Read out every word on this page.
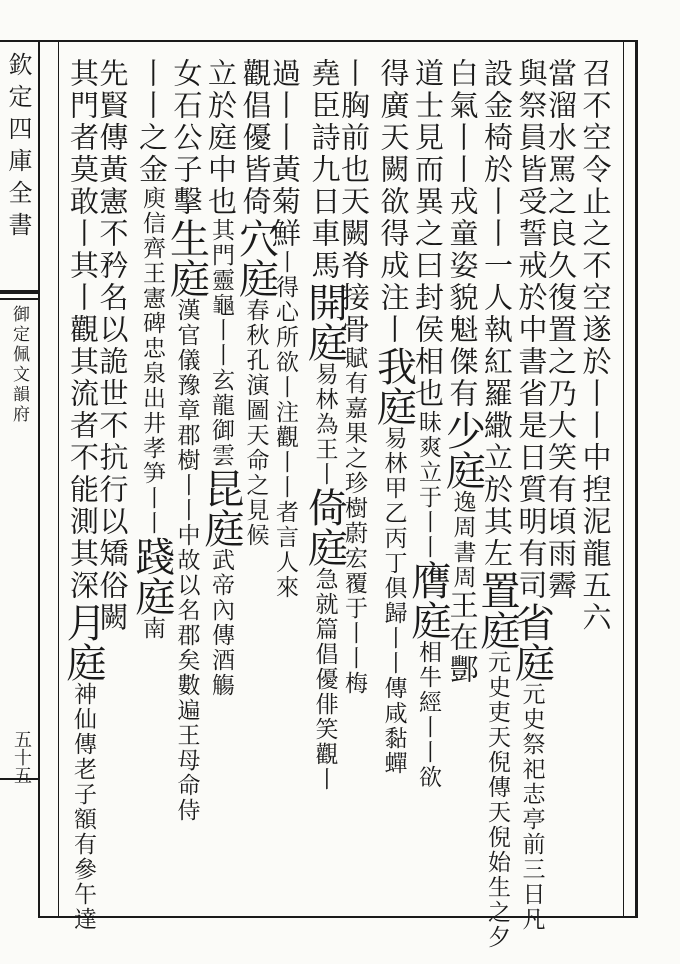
欽定四庫全書
御定佩文韻府
五十五
召不空令止之不空遂於丨丨中揑泥龍五六
當溜水罵之良久復置之乃大笑有頃雨霽
與祭員皆受誓戒於中書省是日質明有司省庭元史祭祀志亭前三日凡
設金椅於丨丨一人執紅羅繖立於其左置庭元史吏天倪傳天倪始生之夕
白氣丨丨戎童姿貌魁傑有少庭逸周書周王在酆
道士見而異之曰封侯相也昧爽立于丨丨膺庭相牛經丨丨欲
得廣天闕欲得成注丨我庭易林甲乙丙丁俱歸丨丨傳咸黏蟬
丨胸前也天闕脊接骨賦有嘉果之珍樹蔚宏覆于丨丨梅
堯臣詩九日車馬開庭易林為王丨倚庭急就篇倡優俳笑觀丨
過丨丨黃菊鮮丨得心所欲丨注觀丨丨者言人來
觀倡優皆倚穴庭春秋孔演圖天命之見候
立於庭中也其門靈龜丨丨玄龍御雲昆庭武帝內傳酒觴
女石公子擊生庭漢官儀豫章郡樹丨丨中故以名郡矣數遍王母命侍
丨丨之金庾信齊王憲碑忠泉出井孝笋丨丨踐庭南
先賢傳黃憲不矜名以詭世不抗行以矯俗闕
其門者莫敢丨其丨觀其流者不能測其深月庭神仙傳老子額有參午達
